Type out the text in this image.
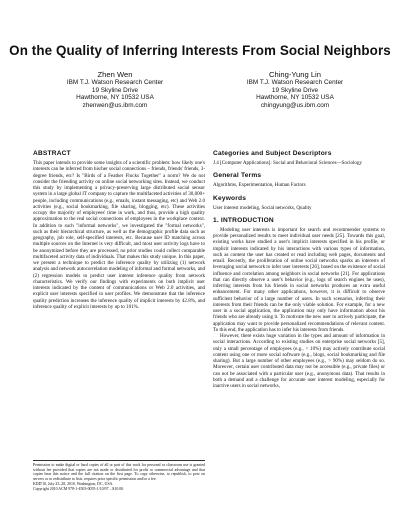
On the Quality of Inferring Interests From Social Neighbors
Zhen Wen
IBM T.J. Watson Research Center
19 Skyline Drive
Hawthorne, NY 10532 USA
zhenwen@us.ibm.com
Ching-Yung Lin
IBM T.J. Watson Research Center
19 Skyline Drive
Hawthorne, NY 10532 USA
chingyung@us.ibm.com
ABSTRACT

This paper intends to provide some insights of a scientific problem: how likely one's interests can be inferred from his/her social connections – friends, friends' friends, 3-degree friends, etc? Is "Birds of a Feather Flocks Together" a norm? We do not consider the friending activity on online social networking sites. Instead, we conduct this study by implementing a privacy-preserving large distributed social sensor system in a large global IT company to capture the multifaceted activities of 30,000+ people, including communications (e.g., emails, instant messaging, etc) and Web 2.0 activities (e.g., social bookmarking, file sharing, blogging, etc). These activities occupy the majority of employees' time in work, and thus, provide a high quality approximation to the real social connections of employees in the workplace context. In addition to such "informal networks", we investigated the "formal networks", such as their hierarchical structure, as well as the demographic profile data such as geography, job role, self-specified interests, etc. Because user ID matching across multiple sources on the Internet is very difficult, and most user activity logs have to be anonymized before they are processed, no prior studies could collect comparable multifaceted activity data of individuals. That makes this study unique. In this paper, we present a technique to predict the inference quality by utilizing (1) network analysis and network autocorrelation modeling of informal and formal networks, and (2) regression models to predict user interest inference quality from network characteristics. We verify our findings with experiments on both implicit user interests indicated by the content of communications or Web 2.0 activities, and explicit user interests specified in user profiles. We demonstrate that the inference quality prediction increases the inference quality of implicit interests by 42.8%, and inference quality of explicit interests by up to 101%.

Categories and Subject Descriptors

J.4 [Computer Applications]: Social and Behavioral Sciences—Sociology

General Terms

Algorithms, Experimentation, Human Factors

Keywords

User interest modeling, Social networks, Quality

1. INTRODUCTION

Modeling user interests is important for search and recommender systems to provide personalized results to meet individual user needs [25]. Towards this goal, existing works have studied a user's implicit interests specified in his profile, or implicit interests indicated by his interactions with various types of information, such as content the user has created or read including web pages, documents and email. Recently, the proliferation of online social networks sparks an interests of leveraging social network to infer user interests [26], based on the existence of social influence and correlation among neighbors in social networks [21]. For applications that can directly observe a user's behavior (e.g., logs of search engines he uses), inferring interests from his friends in social networks produces an extra useful enhancement. For many other applications, however, it is difficult to observe sufficient behavior of a large number of users. In such scenarios, inferring their interests from their friends can be the only viable solution. For example, for a new user in a social application, the application may only have information about his friends who are already using it. To motivate the new user to actively participate, the application may want to provide personalized recommendations of relevant content. To this end, the application has to infer his interests from friends.

However, there exists huge variation in the types and amount of information in social interactions. According to existing studies on enterprise social networks [5], only a small percentage of employees (e.g., < 10%) may actively contribute social content using one or more social software (e.g., blogs, social bookmarking and file sharing). But a large number of other employees (e.g., > 90%) may seldom do so. Moreover, certain user contributed data may not be accessible (e.g., private files) or can not be associated with a particular user (e.g., anonymous data). That results in both a demand and a challenge for accurate user interest modeling, especially for inactive users in social networks,

Permission to make digital or hard copies of all or part of this work for personal or classroom use is granted without fee provided that copies are not made or distributed for profit or commercial advantage and that copies bear this notice and the full citation on the first page. To copy otherwise, to republish, to post on servers or to redistribute to lists, requires prior specific permission and/or a fee.

KDD'10, July 25–28, 2010, Washington, DC, USA.

Copyright 2010 ACM 978-1-4503-0055-1/10/07 ...$10.00.
